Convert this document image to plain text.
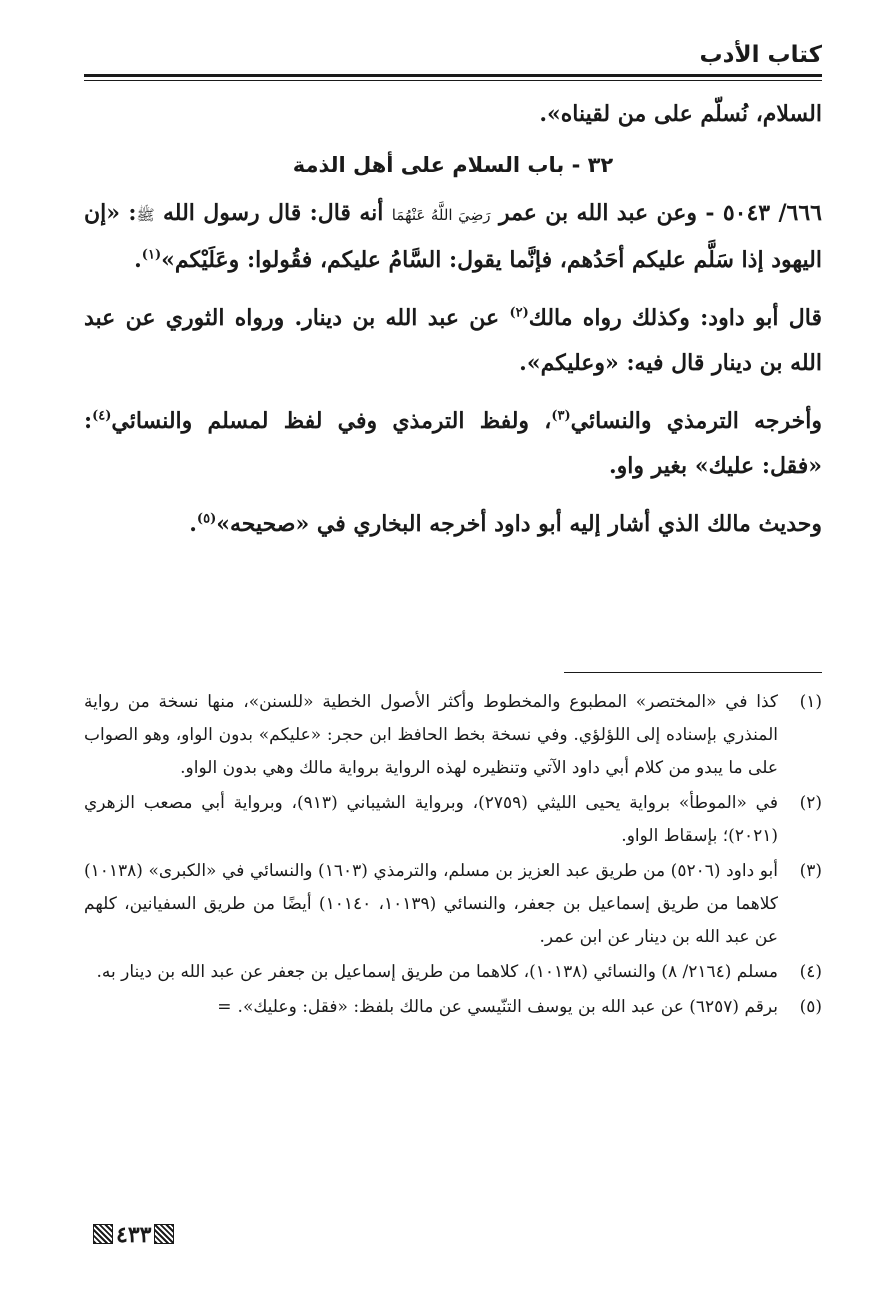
كتاب الأدب

السلام، نُسلّم على من لقيناه».

٣٢ - باب السلام على أهل الذمة

٦٦٦/ ٥٠٤٣ - وعن عبد الله بن عمر رَضِيَ اللَّهُ عَنْهُمَا أنه قال: قال رسول الله ﷺ: «إن اليهود إذا سَلَّم عليكم أحَدُهم، فإنَّما يقول: السَّامُ عليكم، فقُولوا: وعَلَيْكم»$^{(١)}$.

قال أبو داود: وكذلك رواه مالك$^{(٢)}$ عن عبد الله بن دينار. ورواه الثوري عن عبد الله بن دينار قال فيه: «وعليكم».

وأخرجه الترمذي والنسائي$^{(٣)}$، ولفظ الترمذي وفي لفظ لمسلم والنسائي$^{(٤)}$: «فقل: عليك» بغير واو.

وحديث مالك الذي أشار إليه أبو داود أخرجه البخاري في «صحيحه»$^{(٥)}$.

(١)
كذا في «المختصر» المطبوع والمخطوط وأكثر الأصول الخطية «للسنن»، منها نسخة من رواية المنذري بإسناده إلى اللؤلؤي. وفي نسخة بخط الحافظ ابن حجر: «عليكم» بدون الواو، وهو الصواب على ما يبدو من كلام أبي داود الآتي وتنظيره لهذه الرواية برواية مالك وهي بدون الواو.
(٢)
في «الموطأ» برواية يحيى الليثي (٢٧٥٩)، وبرواية الشيباني (٩١٣)، وبرواية أبي مصعب الزهري (٢٠٢١)؛ بإسقاط الواو.
(٣)
أبو داود (٥٢٠٦) من طريق عبد العزيز بن مسلم، والترمذي (١٦٠٣) والنسائي في «الكبرى» (١٠١٣٨) كلاهما من طريق إسماعيل بن جعفر، والنسائي (١٠١٣٩، ١٠١٤٠) أيضًا من طريق السفيانين، كلهم عن عبد الله بن دينار عن ابن عمر.
(٤)
مسلم (٢١٦٤/ ٨) والنسائي (١٠١٣٨)، كلاهما من طريق إسماعيل بن جعفر عن عبد الله بن دينار به.
(٥)
برقم (٦٢٥٧) عن عبد الله بن يوسف التنّيسي عن مالك بلفظ: «فقل: وعليك».=
٤٣٣
